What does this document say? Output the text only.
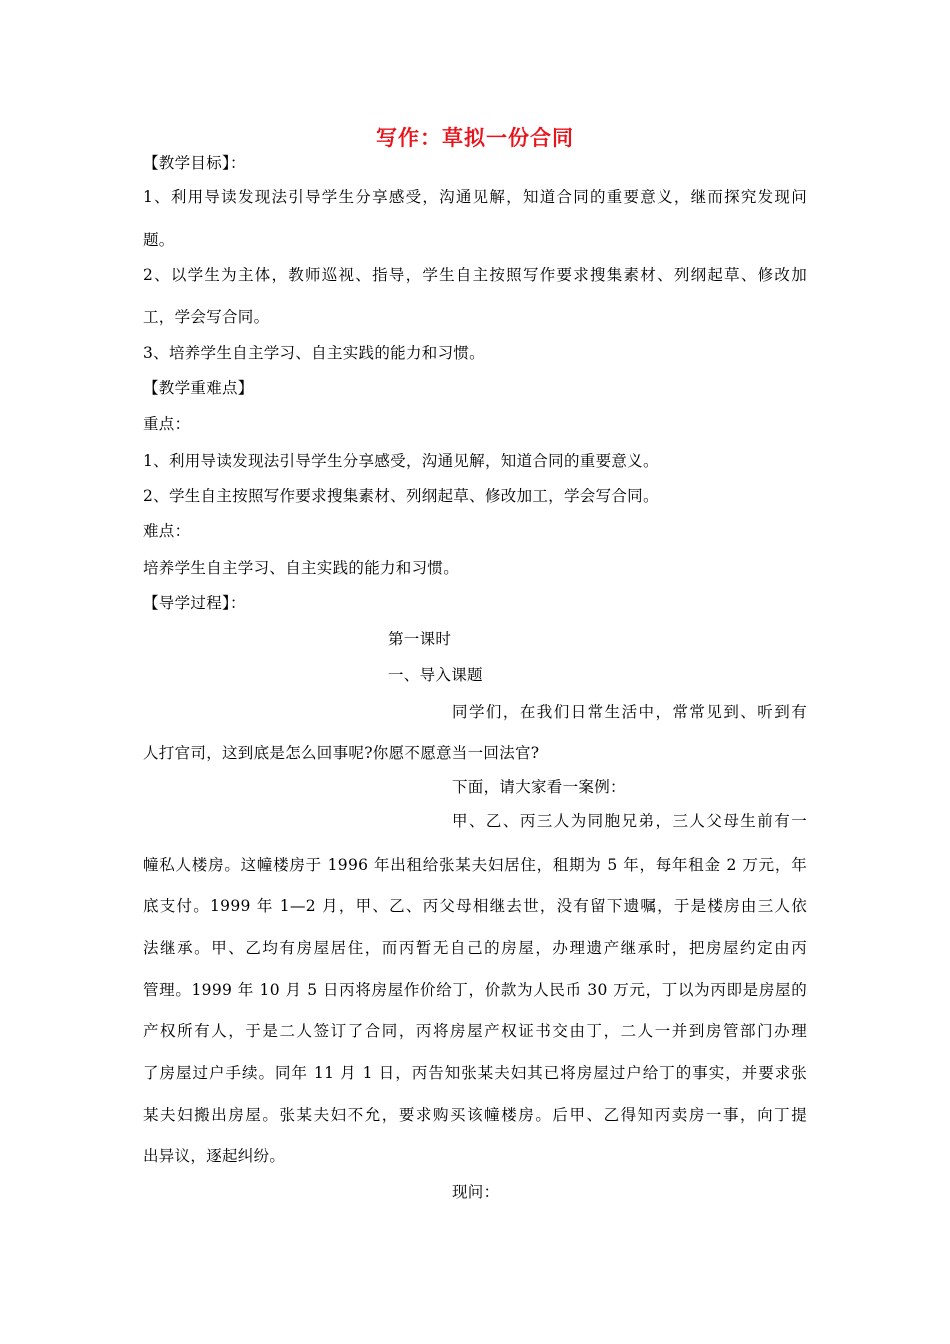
写作：草拟一份合同
【教学目标】：
1、利用导读发现法引导学生分享感受，沟通见解，知道合同的重要意义，继而探究发现问
题。
2、以学生为主体，教师巡视、指导，学生自主按照写作要求搜集素材、列纲起草、修改加
工，学会写合同。
3、培养学生自主学习、自主实践的能力和习惯。
【教学重难点】
重点：
1、利用导读发现法引导学生分享感受，沟通见解，知道合同的重要意义。
2、学生自主按照写作要求搜集素材、列纲起草、修改加工，学会写合同。
难点：
培养学生自主学习、自主实践的能力和习惯。
【导学过程】：
第一课时
一、导入课题
同学们，在我们日常生活中，常常见到、听到有
人打官司，这到底是怎么回事呢?你愿不愿意当一回法官?
下面，请大家看一案例：
甲、乙、丙三人为同胞兄弟，三人父母生前有一
幢私人楼房。这幢楼房于 1996 年出租给张某夫妇居住，租期为 5 年，每年租金 2 万元，年
底支付。1999 年 1—2 月，甲、乙、丙父母相继去世，没有留下遗嘱，于是楼房由三人依
法继承。甲、乙均有房屋居住，而丙暂无自己的房屋，办理遗产继承时，把房屋约定由丙
管理。1999 年 10 月 5 日丙将房屋作价给丁，价款为人民币 30 万元，丁以为丙即是房屋的
产权所有人，于是二人签订了合同，丙将房屋产权证书交由丁，二人一并到房管部门办理
了房屋过户手续。同年 11 月 1 日，丙告知张某夫妇其已将房屋过户给丁的事实，并要求张
某夫妇搬出房屋。张某夫妇不允，要求购买该幢楼房。后甲、乙得知丙卖房一事，向丁提
出异议，逐起纠纷。
现问：
